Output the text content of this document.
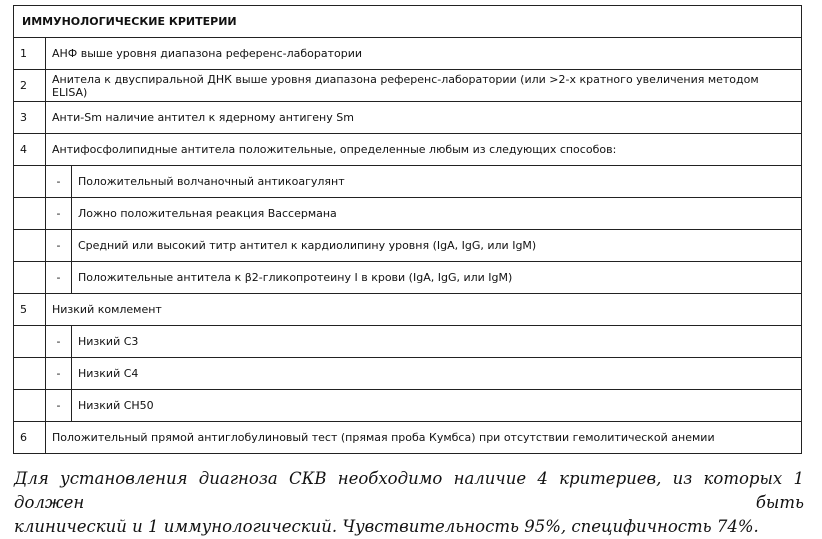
ИММУНОЛОГИЧЕСКИЕ КРИТЕРИИ		
1	АНФ выше уровня диапазона референс-лаборатории	
2	Анитела к двуспиральной ДНК выше уровня диапазона референс-лаборатории (или >2-х кратного увеличения методом ELISA)	
3	Анти-Sm наличие антител к ядерному антигену Sm	
4	Антифосфолипидные антитела положительные, определенные любым из следующих способов:	
	-	Положительный волчаночный антикоагулянт
	-	Ложно положительная реакция Вассермана
	-	Средний или высокий титр антител к кардиолипину уровня (IgA, IgG, или IgM)
	-	Положительные антитела к β2-гликопротеину I в крови (IgA, IgG, или IgM)
5	Низкий комлемент	
	-	Низкий С3
	-	Низкий С4
	-	Низкий СН50
6	Положительный прямой антиглобулиновый тест (прямая проба Кумбса) при отсутствии гемолитической анемии	
Для установления диагноза СКВ необходимо наличие 4 критериев, из которых 1 должен быть
клинический и 1 иммунологический. Чувствительность 95%, специфичность 74%.
